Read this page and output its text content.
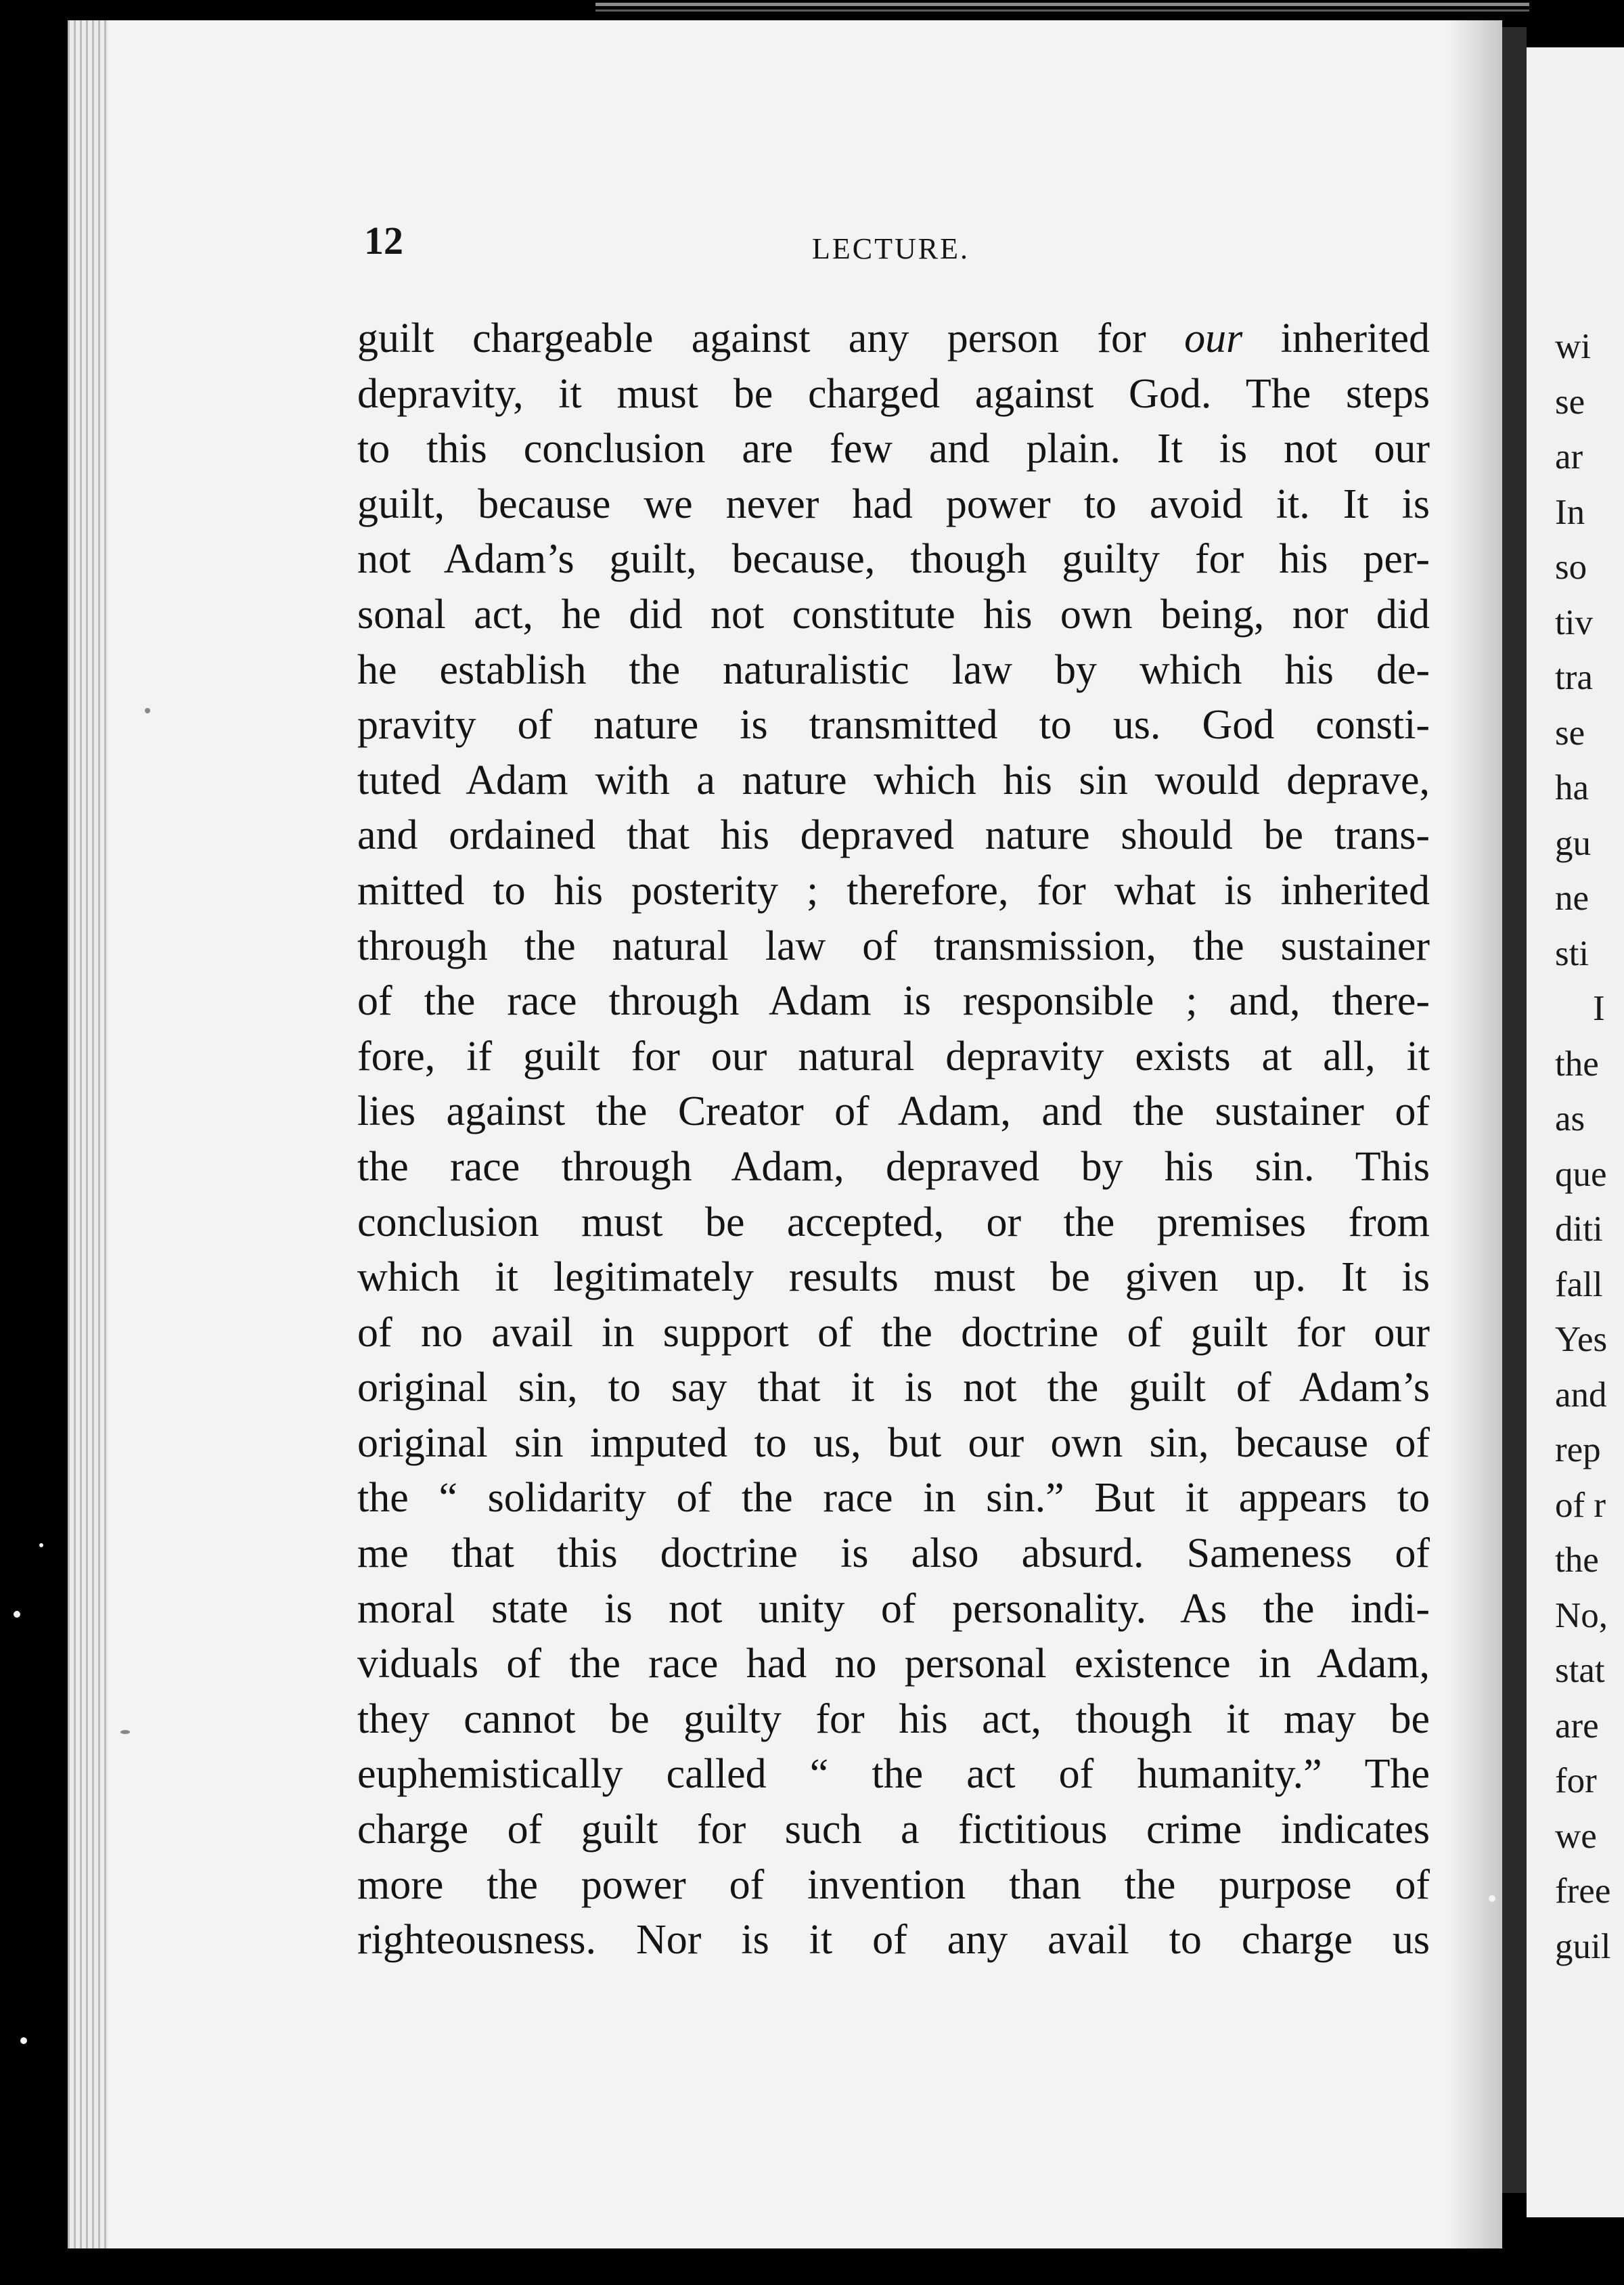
wi
se
ar
In
so
tiv
tra
se
ha
gu
ne
sti
I
the
as
que
diti
fall
Yes
and
rep
of r
the
No,
stat
are
for
we
free
guil
12	LECTURE.
guilt chargeable against any person for our inherited
depravity, it must be charged against God. The steps
to this conclusion are few and plain. It is not our
guilt, because we never had power to avoid it. It is
not Adam’s guilt, because, though guilty for his per-
sonal act, he did not constitute his own being, nor did
he establish the naturalistic law by which his de-
pravity of nature is transmitted to us. God consti-
tuted Adam with a nature which his sin would deprave,
and ordained that his depraved nature should be trans-
mitted to his posterity ; therefore, for what is inherited
through the natural law of transmission, the sustainer
of the race through Adam is responsible ; and, there-
fore, if guilt for our natural depravity exists at all, it
lies against the Creator of Adam, and the sustainer of
the race through Adam, depraved by his sin. This
conclusion must be accepted, or the premises from
which it legitimately results must be given up. It is
of no avail in support of the doctrine of guilt for our
original sin, to say that it is not the guilt of Adam’s
original sin imputed to us, but our own sin, because of
the “ solidarity of the race in sin.” But it appears to
me that this doctrine is also absurd. Sameness of
moral state is not unity of personality. As the indi-
viduals of the race had no personal existence in Adam,
they cannot be guilty for his act, though it may be
euphemistically called “ the act of humanity.” The
charge of guilt for such a fictitious crime indicates
more the power of invention than the purpose of
righteousness. Nor is it of any avail to charge us
